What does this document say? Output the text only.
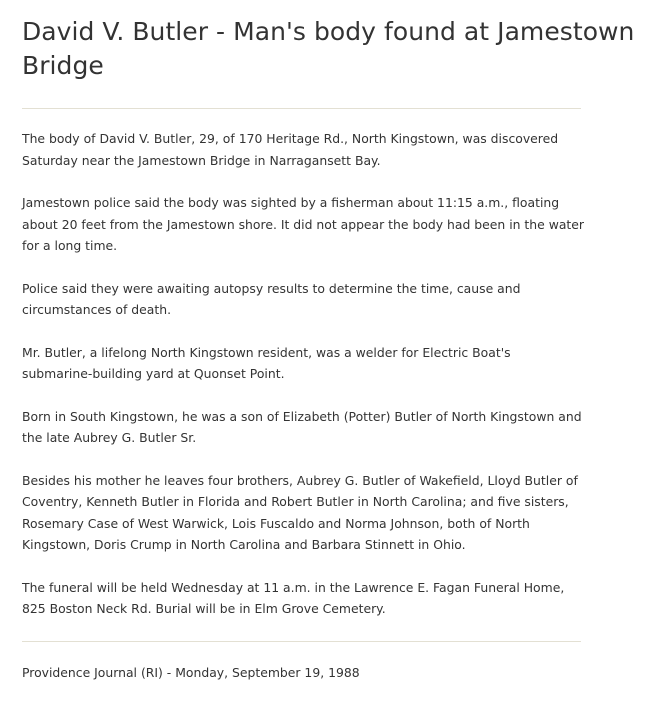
David V. Butler - Man's body found at Jamestown Bridge

The body of David V. Butler, 29, of 170 Heritage Rd., North Kingstown, was discovered Saturday near the Jamestown Bridge in Narragansett Bay.

Jamestown police said the body was sighted by a fisherman about 11:15 a.m., floating about 20 feet from the Jamestown shore. It did not appear the body had been in the water for a long time.

Police said they were awaiting autopsy results to determine the time, cause and circumstances of death.

Mr. Butler, a lifelong North Kingstown resident, was a welder for Electric Boat's submarine-building yard at Quonset Point.

Born in South Kingstown, he was a son of Elizabeth (Potter) Butler of North Kingstown and the late Aubrey G. Butler Sr.

Besides his mother he leaves four brothers, Aubrey G. Butler of Wakefield, Lloyd Butler of Coventry, Kenneth Butler in Florida and Robert Butler in North Carolina; and five sisters, Rosemary Case of West Warwick, Lois Fuscaldo and Norma Johnson, both of North Kingstown, Doris Crump in North Carolina and Barbara Stinnett in Ohio.

The funeral will be held Wednesday at 11 a.m. in the Lawrence E. Fagan Funeral Home, 825 Boston Neck Rd. Burial will be in Elm Grove Cemetery.

Providence Journal (RI) - Monday, September 19, 1988
